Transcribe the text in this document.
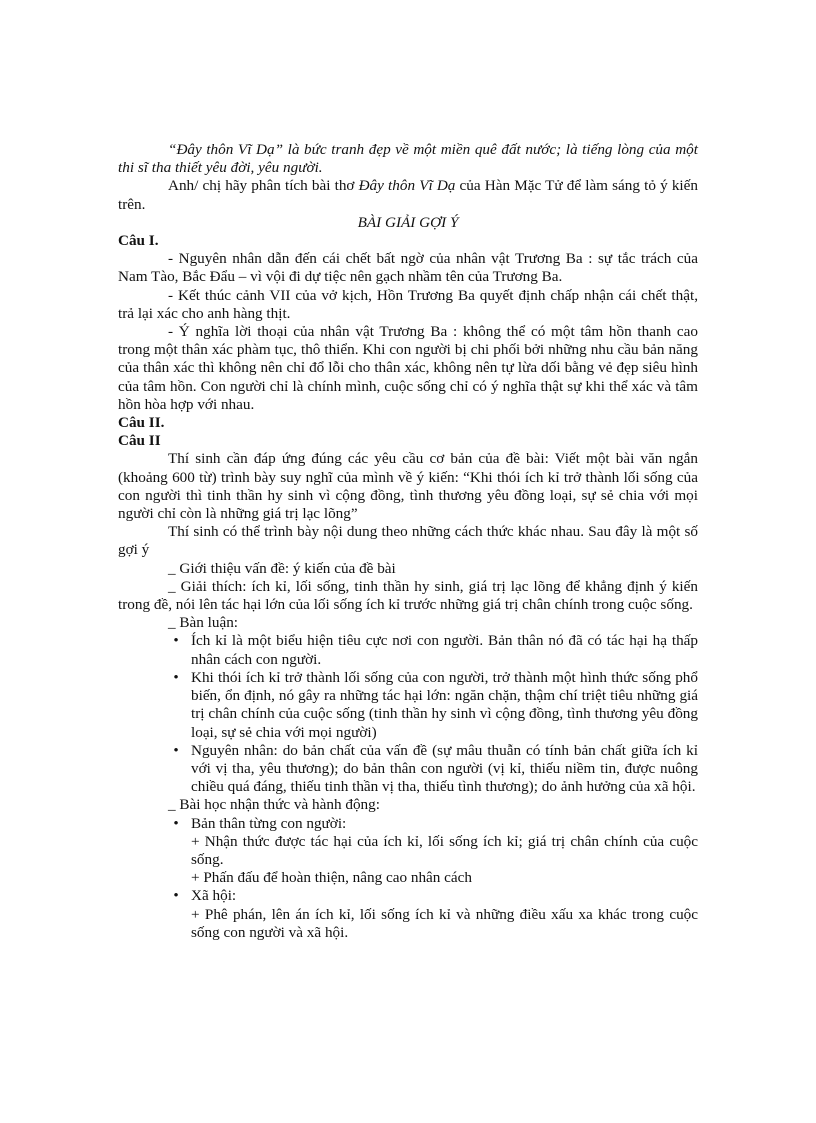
“Đây thôn Vĩ Dạ” là bức tranh đẹp về một miền quê đất nước; là tiếng lòng của một thi sĩ tha thiết yêu đời, yêu người.

Anh/ chị hãy phân tích bài thơ Đây thôn Vĩ Dạ của Hàn Mặc Tử để làm sáng tỏ ý kiến trên.

BÀI GIẢI GỢI Ý

Câu I.

- Nguyên nhân dẫn đến cái chết bất ngờ của nhân vật Trương Ba : sự tắc trách của Nam Tào, Bắc Đẩu – vì vội đi dự tiệc nên gạch nhầm tên của Trương Ba.

- Kết thúc cảnh VII của vở kịch, Hồn Trương Ba quyết định chấp nhận cái chết thật, trả lại xác cho anh hàng thịt.

- Ý nghĩa lời thoại của nhân vật Trương Ba : không thể có một tâm hồn thanh cao trong một thân xác phàm tục, thô thiển. Khi con người bị chi phối bởi những nhu cầu bản năng của thân xác thì không nên chỉ đổ lỗi cho thân xác, không nên tự lừa dối bằng vẻ đẹp siêu hình của tâm hồn. Con người chỉ là chính mình, cuộc sống chỉ có ý nghĩa thật sự khi thể xác và tâm hồn hòa hợp với nhau.

Câu II.

Câu II

Thí sinh cần đáp ứng đúng các yêu cầu cơ bản của đề bài: Viết một bài văn ngắn (khoảng 600 từ) trình bày suy nghĩ của mình về ý kiến: “Khi thói ích kỉ trở thành lối sống của con người thì tinh thần hy sinh vì cộng đồng, tình thương yêu đồng loại, sự sẻ chia với mọi người chỉ còn là những giá trị lạc lõng”

Thí sinh có thể trình bày nội dung theo những cách thức khác nhau. Sau đây là một số gợi ý

_ Giới thiệu vấn đề: ý kiến của đề bài

_ Giải thích: ích kỉ, lối sống, tinh thần hy sinh, giá trị lạc lõng để khẳng định ý kiến trong đề, nói lên tác hại lớn của lối sống ích kỉ trước những giá trị chân chính trong cuộc sống.

_ Bàn luận:

• Ích kỉ là một biểu hiện tiêu cực nơi con người. Bản thân nó đã có tác hại hạ thấp nhân cách con người.
• Khi thói ích kỉ trở thành lối sống của con người, trở thành một hình thức sống phổ biến, ổn định, nó gây ra những tác hại lớn: ngăn chặn, thậm chí triệt tiêu những giá trị chân chính của cuộc sống (tinh thần hy sinh vì cộng đồng, tình thương yêu đồng loại, sự sẻ chia với mọi người)
• Nguyên nhân: do bản chất của vấn đề (sự mâu thuẫn có tính bản chất giữa ích kỉ với vị tha, yêu thương); do bản thân con người (vị kỉ, thiếu niềm tin, được nuông chiều quá đáng, thiếu tinh thần vị tha, thiếu tình thương); do ảnh hưởng của xã hội.

_ Bài học nhận thức và hành động:

• Bản thân từng con người:
+ Nhận thức được tác hại của ích kỉ, lối sống ích kỉ; giá trị chân chính của cuộc sống.
+ Phấn đấu để hoàn thiện, nâng cao nhân cách
• Xã hội:
+ Phê phán, lên án ích kỉ, lối sống ích kỉ và những điều xấu xa khác trong cuộc sống con người và xã hội.
